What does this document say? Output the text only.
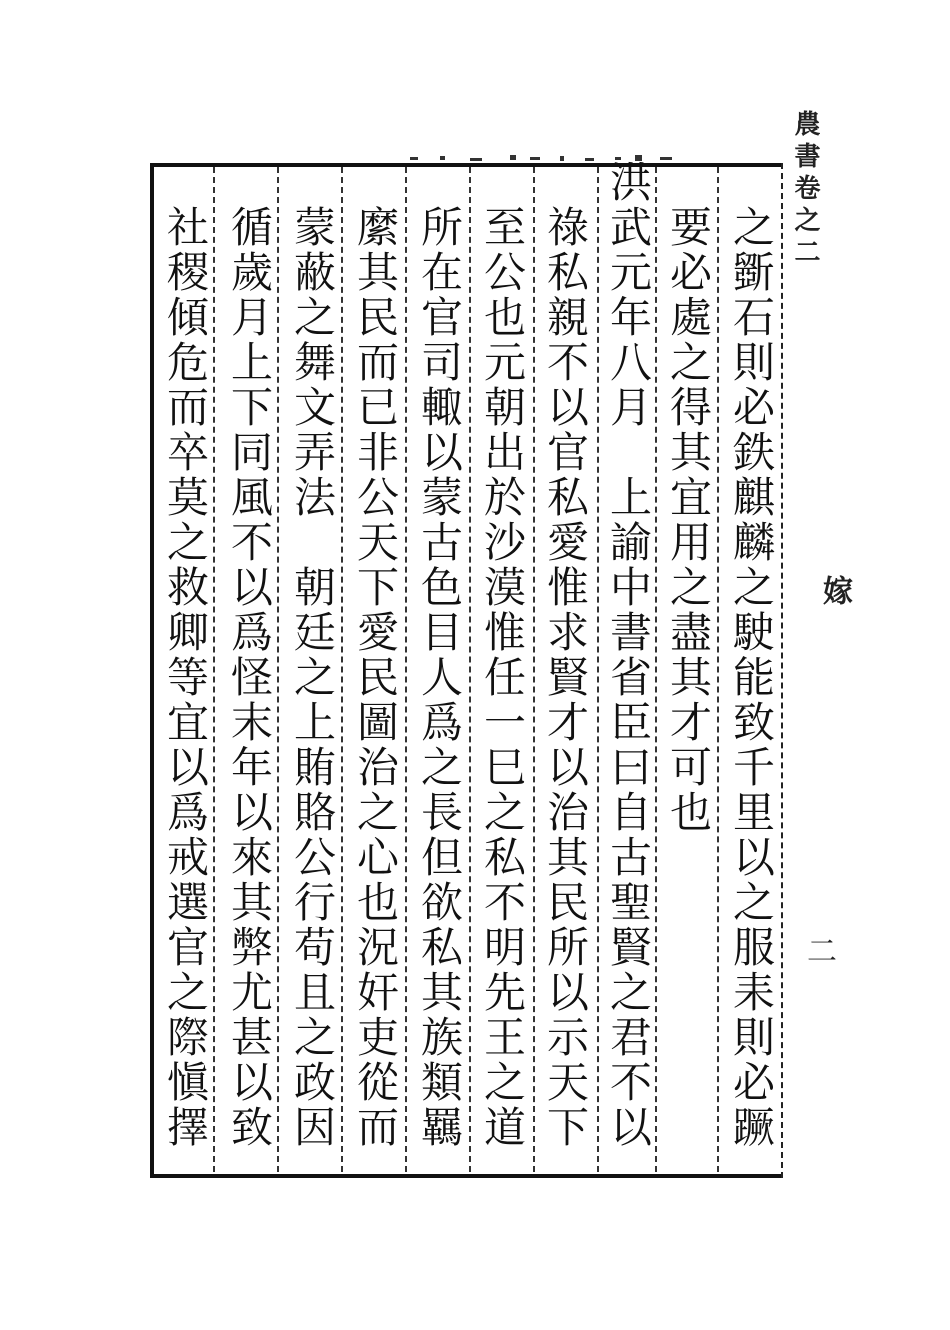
農書卷之二
嫁
二
之斵石則必鉄麒麟之駛能致千里以之服耒則必蹶
要必處之得其宜用之盡其才可也
洪武元年八月　上諭中書省臣曰自古聖賢之君不以
祿私親不以官私愛惟求賢才以治其民所以示天下
至公也元朝出於沙漠惟任一巳之私不明先王之道
所在官司輙以蒙古色目人爲之長但欲私其族類羈
縻其民而已非公天下愛民圖治之心也況奸吏從而
蒙蔽之舞文弄法　朝廷之上賄賂公行苟且之政因
循歲月上下同風不以爲怪末年以來其弊尤甚以致
社稷傾危而卒莫之救卿等宜以爲戒選官之際愼擇
